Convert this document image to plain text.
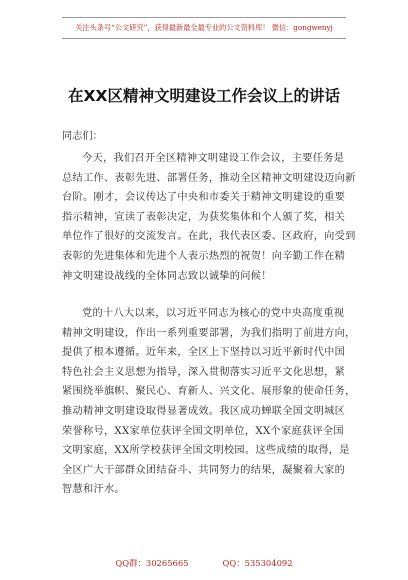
关注头条号“公文研究”，获得最新最全最专业的公文资料库！ 微信：gongwenyj
在XX区精神文明建设工作会议上的讲话
同志们：
今天，我们召开全区精神文明建设工作会议，主要任务是
总结工作、表彰先进、部署任务，推动全区精神文明建设迈向新
台阶。刚才，会议传达了中央和市委关于精神文明建设的重要
指示精神，宣读了表彰决定，为获奖集体和个人颁了奖，相关
单位作了很好的交流发言。在此，我代表区委、区政府，向受到
表彰的先进集体和先进个人表示热烈的祝贺！向辛勤工作在精
神文明建设战线的全体同志致以诚挚的问候！
党的十八大以来，以习近平同志为核心的党中央高度重视
精神文明建设，作出一系列重要部署，为我们指明了前进方向，
提供了根本遵循。近年来，全区上下坚持以习近平新时代中国
特色社会主义思想为指导，深入贯彻落实习近平文化思想，紧
紧围绕举旗帜、聚民心、育新人、兴文化、展形象的使命任务，
推动精神文明建设取得显著成效。我区成功蝉联全国文明城区
荣誉称号，XX家单位获评全国文明单位，XX个家庭获评全国
文明家庭，XX所学校获评全国文明校园。这些成绩的取得，是
全区广大干部群众团结奋斗、共同努力的结果，凝聚着大家的
智慧和汗水。
QQ群：30265665	QQ：535304092
